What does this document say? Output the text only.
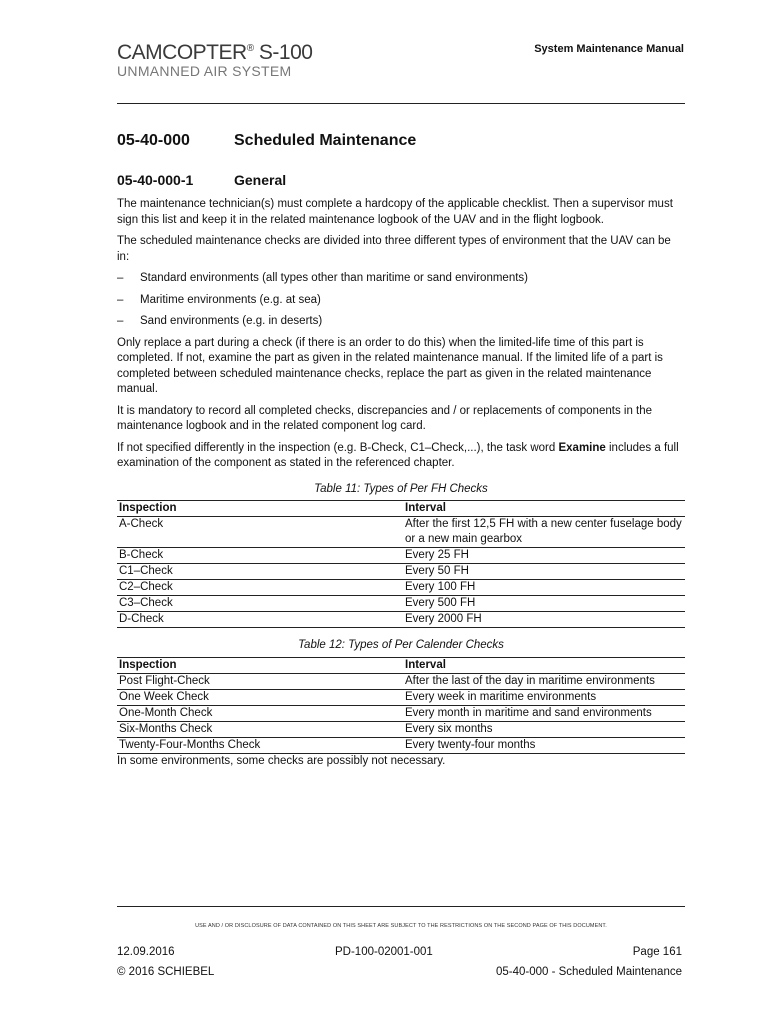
CAMCOPTER® S-100
UNMANNED AIR SYSTEM
System Maintenance Manual
05-40-000	Scheduled Maintenance
05-40-000-1	General

The maintenance technician(s) must complete a hardcopy of the applicable checklist. Then a supervisor must sign this list and keep it in the related maintenance logbook of the UAV and in the flight logbook.

The scheduled maintenance checks are divided into three different types of environment that the UAV can be in:

– Standard environments (all types other than maritime or sand environments)
– Maritime environments (e.g. at sea)
– Sand environments (e.g. in deserts)

Only replace a part during a check (if there is an order to do this) when the limited-life time of this part is completed. If not, examine the part as given in the related maintenance manual. If the limited life of a part is completed between scheduled maintenance checks, replace the part as given in the related maintenance manual.

It is mandatory to record all completed checks, discrepancies and / or replacements of components in the maintenance logbook and in the related component log card.

If not specified differently in the inspection (e.g. B-Check, C1–Check,...), the task word Examine includes a full examination of the component as stated in the referenced chapter.

Table 11: Types of Per FH Checks
Inspection	Interval
A-Check	After the first 12,5 FH with a new center fuselage body or a new main gearbox
B-Check	Every 25 FH
C1–Check	Every 50 FH
C2–Check	Every 100 FH
C3–Check	Every 500 FH
D-Check	Every 2000 FH
Table 12: Types of Per Calender Checks
Inspection	Interval
Post Flight-Check	After the last of the day in maritime environments
One Week Check	Every week in maritime environments
One-Month Check	Every month in maritime and sand environments
Six-Months Check	Every six months
Twenty-Four-Months Check	Every twenty-four months

In some environments, some checks are possibly not necessary.

USE AND / OR DISCLOSURE OF DATA CONTAINED ON THIS SHEET ARE SUBJECT TO THE RESTRICTIONS ON THE SECOND PAGE OF THIS DOCUMENT.
12.09.2016	PD-100-02001-001	Page 161
© 2016 SCHIEBEL	05-40-000 - Scheduled Maintenance
